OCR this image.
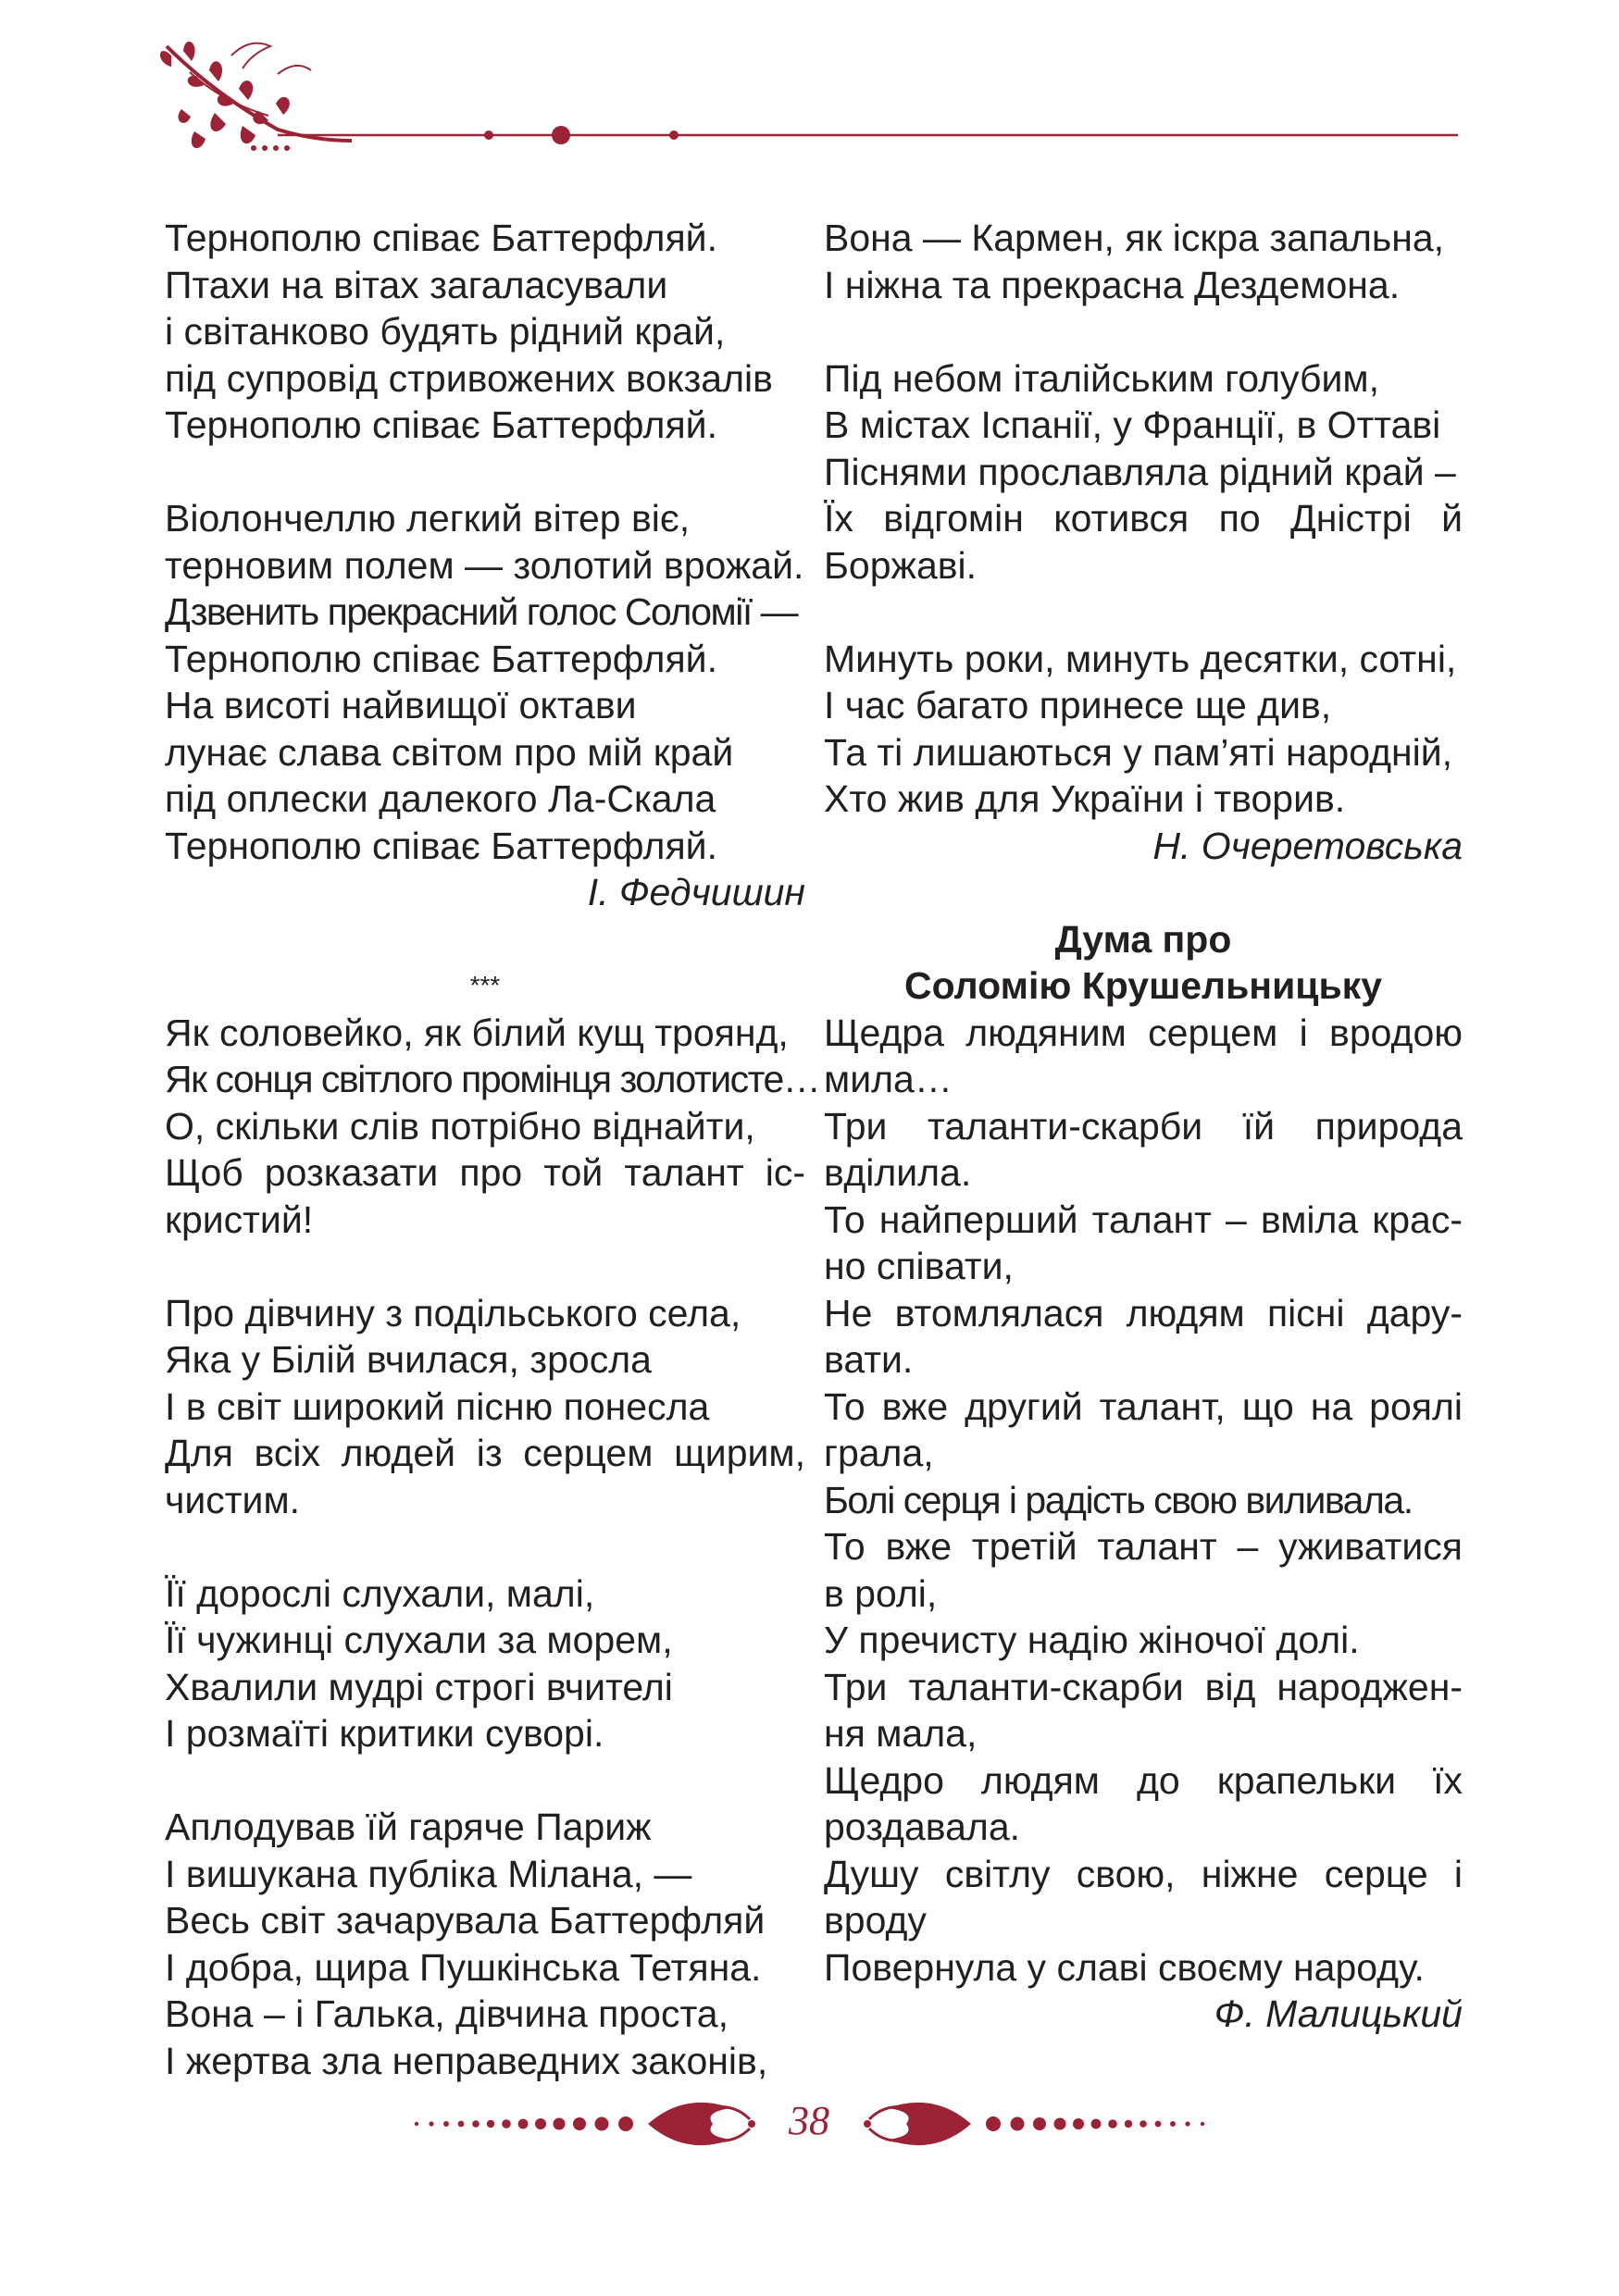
Тернополю співає Баттерфляй.
Птахи на вітах загаласували
і світанково будять рідний край,
під супровід стривожених вокзалів
Тернополю співає Баттерфляй.
Віолончеллю легкий вітер віє,
терновим полем — золотий врожай.
Дзвенить прекрасний голос Соломії —
Тернополю співає Баттерфляй.
На висоті найвищої октави
лунає слава світом про мій край
під оплески далекого Ла-Скала
Тернополю співає Баттерфляй.
І. Федчишин
***
Як соловейко, як білий кущ троянд,
Як сонця світлого промінця золотисте…
О, скільки слів потрібно віднайти,
Щоб розказати про той талант іс-
кристий!
Про дівчину з подільського села,
Яка у Білій вчилася, зросла
І в світ широкий пісню понесла
Для всіх людей із серцем щирим,
чистим.
Її дорослі слухали, малі,
Її чужинці слухали за морем,
Хвалили мудрі строгі вчителі
І розмаїті критики суворі.
Аплодував їй гаряче Париж
І вишукана публіка Мілана, —
Весь світ зачарувала Баттерфляй
І добра, щира Пушкінська Тетяна.
Вона – і Галька, дівчина проста,
І жертва зла неправедних законів,
Вона — Кармен, як іскра запальна,
І ніжна та прекрасна Дездемона.
Під небом італійським голубим,
В містах Іспанії, у Франції, в Оттаві
Піснями прославляла рідний край –
Їх відгомін котився по Дністрі й
Боржаві.
Минуть роки, минуть десятки, сотні,
І час багато принесе ще див,
Та ті лишаються у пам’яті народній,
Хто жив для України і творив.
Н. Очеретовська
Дума про
Соломію Крушельницьку
Щедра людяним серцем і вродою
мила…
Три таланти-скарби їй природа
вділила.
То найперший талант – вміла крас-
но співати,
Не втомлялася людям пісні дару-
вати.
То вже другий талант, що на роялі
грала,
Болі серця і радість свою виливала.
То вже третій талант – уживатися
в ролі,
У пречисту надію жіночої долі.
Три таланти-скарби від народжен-
ня мала,
Щедро людям до крапельки їх
роздавала.
Душу світлу свою, ніжне серце і
вроду
Повернула у славі своєму народу.
Ф. Малицький
38
